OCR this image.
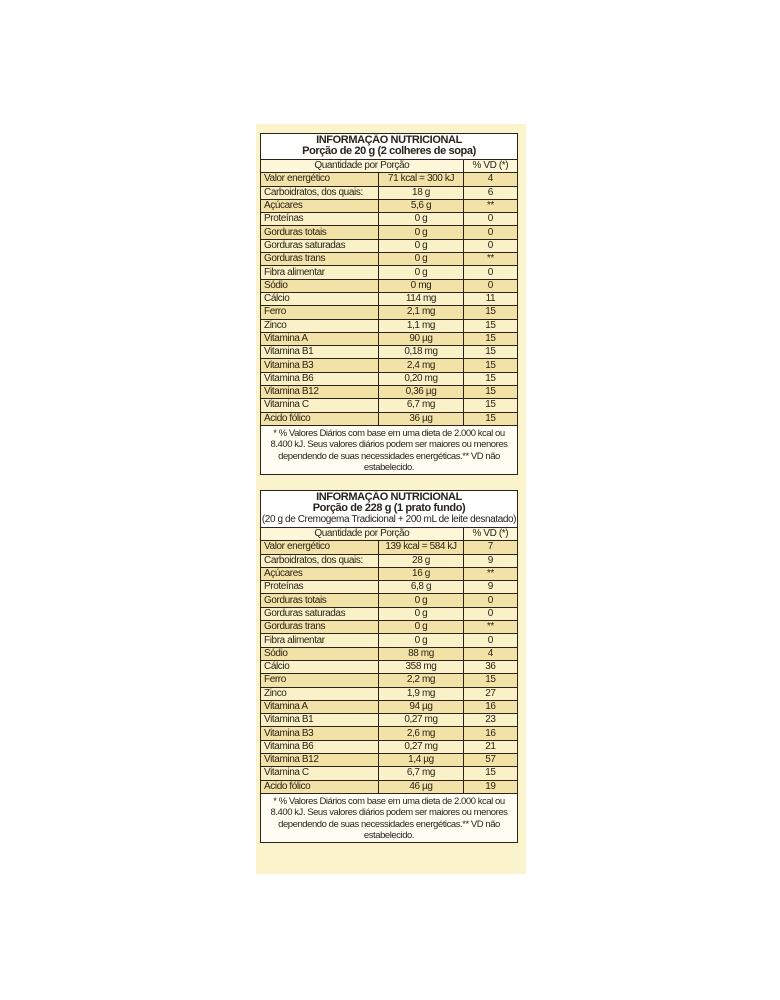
INFORMAÇÃO NUTRICIONAL
Porção de 20 g (2 colheres de sopa)
Quantidade por Porção		% VD (*)
Valor energético	71 kcal = 300 kJ	4
Carboidratos, dos quais:	18 g	6
Açúcares	5,6 g	**
Proteínas	0 g	0
Gorduras totais	0 g	0
Gorduras saturadas	0 g	0
Gorduras trans	0 g	**
Fibra alimentar	0 g	0
Sódio	0 mg	0
Cálcio	114 mg	11
Ferro	2,1 mg	15
Zinco	1,1 mg	15
Vitamina A	90 µg	15
Vitamina B1	0,18 mg	15
Vitamina B3	2,4 mg	15
Vitamina B6	0,20 mg	15
Vitamina B12	0,36 µg	15
Vitamina C	6,7 mg	15
Ácido fólico	36 µg	15
* % Valores Diários com base em uma dieta de 2.000 kcal ou 8.400 kJ. Seus valores diários podem ser maiores ou menores dependendo de suas necessidades energéticas.** VD não estabelecido.
INFORMAÇÃO NUTRICIONAL
Porção de 228 g (1 prato fundo)
(20 g de Cremogema Tradicional + 200 mL de leite desnatado)
Quantidade por Porção		% VD (*)
Valor energético	139 kcal = 584 kJ	7
Carboidratos, dos quais:	28 g	9
Açúcares	16 g	**
Proteínas	6,8 g	9
Gorduras totais	0 g	0
Gorduras saturadas	0 g	0
Gorduras trans	0 g	**
Fibra alimentar	0 g	0
Sódio	88 mg	4
Cálcio	358 mg	36
Ferro	2,2 mg	15
Zinco	1,9 mg	27
Vitamina A	94 µg	16
Vitamina B1	0,27 mg	23
Vitamina B3	2,6 mg	16
Vitamina B6	0,27 mg	21
Vitamina B12	1,4 µg	57
Vitamina C	6,7 mg	15
Ácido fólico	46 µg	19
* % Valores Diários com base em uma dieta de 2.000 kcal ou 8.400 kJ. Seus valores diários podem ser maiores ou menores dependendo de suas necessidades energéticas.** VD não estabelecido.
